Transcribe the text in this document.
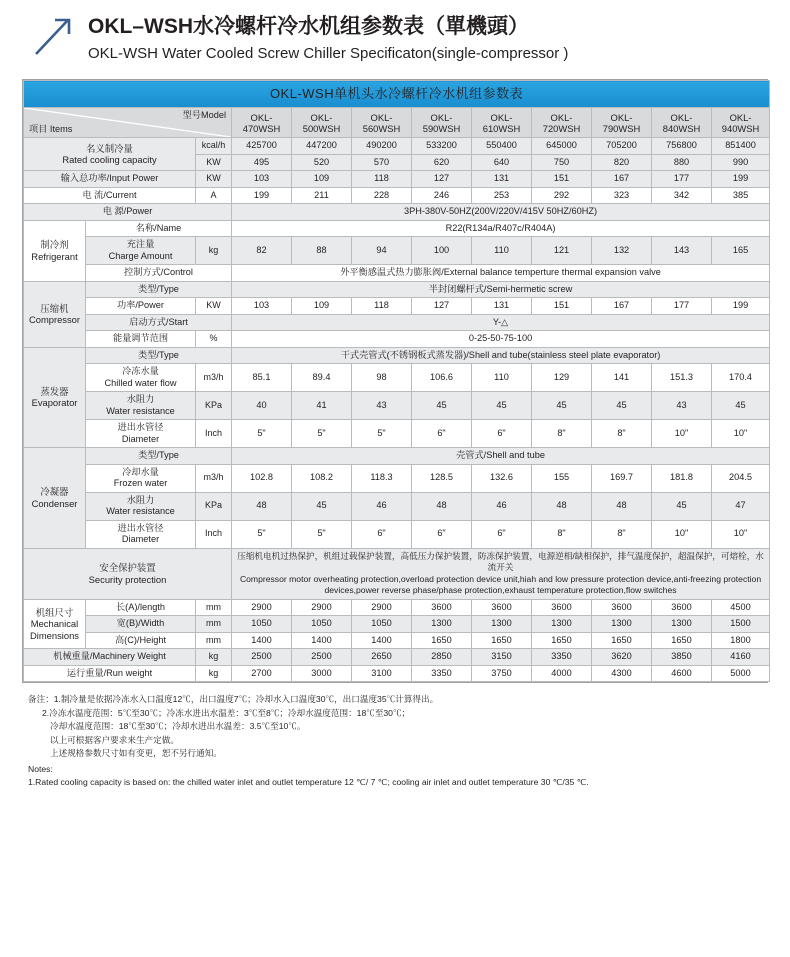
OKL–WSH水冷螺杆冷水机组参数表（單機頭）
OKL-WSH Water Cooled Screw Chiller Specificaton(single-compressor )
OKL-WSH单机头水冷螺杆冷水机组参数表											

项目 Items
型号Model			OKL-470WSH	OKL-500WSH	OKL-560WSH	OKL-590WSH	OKL-610WSH	OKL-720WSH	OKL-790WSH	OKL-840WSH	OKL-940WSH

名义制冷量
Rated cooling capacity		kcal/h	425700	447200	490200	533200	550400	645000	705200	756800	851400
		KW	495	520	570	620	640	750	820	880	990
输入总功率/Input Power		KW	103	109	118	127	131	151	167	177	199
电 流/Current		A	199	211	228	246	253	292	323	342	385
电 源/Power			3PH-380V-50HZ(200V/220V/415V 50HZ/60HZ)								

制冷剂
Refrigerant	名称/Name		R22(R134a/R407c/R404A)								

	充注量
Charge Amount	kg	82	88	94	100	110	121	132	143	165
	控制方式/Control		外平衡感温式热力膨胀阀/External balance temperture thermal expansion valve								

压缩机
Compressor	类型/Type		半封闭螺杆式/Semi-hermetic screw								
	功率/Power	KW	103	109	118	127	131	151	167	177	199
	启动方式/Start		Y-△								
	能量调节范围	%	0-25-50-75-100								

蒸发器
Evaporator	类型/Type		干式壳管式(不锈钢板式蒸发器)/Shell and tube(stainless steel plate evaporator)								

	冷冻水量
Chilled water flow	m3/h	85.1	89.4	98	106.6	110	129	141	151.3	170.4

	水阻力
Water resistance	KPa	40	41	43	45	45	45	45	43	45

	进出水管径
Diameter	Inch	5"	5"	5"	6"	6"	8"	8"	10"	10"

冷凝器
Condenser	类型/Type		壳管式/Shell and tube								

	冷却水量
Frozen water	m3/h	102.8	108.2	118.3	128.5	132.6	155	169.7	181.8	204.5

	水阻力
Water resistance	KPa	48	45	46	48	46	48	48	45	47

	进出水管径
Diameter	Inch	5"	5"	6"	6"	6"	8"	8"	10"	10"

安全保护装置
Security protection

压缩机电机过热保护，机组过载保护装置，高低压力保护装置，防冻保护装置，电源逆相/缺相保护，排气温度保护，超温保护，可熔栓，水流开关
Compressor motor overheating protection,overload protection device unit,hiah and low pressure protection device,anti-freezing protection devices,power reverse phase/phase protection,exhaust temperature protection,flow switches

机组尺寸
Mechanical
Dimensions	长(A)/length	mm	2900	2900	2900	3600	3600	3600	3600	3600	4500
	宽(B)/Width	mm	1050	1050	1050	1300	1300	1300	1300	1300	1500
	高(C)/Height	mm	1400	1400	1400	1650	1650	1650	1650	1650	1800
机械重量/Machinery Weight		kg	2500	2500	2650	2850	3150	3350	3620	3850	4160
运行重量/Run weight		kg	2700	3000	3100	3350	3750	4000	4300	4600	5000
备注：1.制冷量是依据冷冻水入口温度12℃，出口温度7℃；冷却水入口温度30℃，出口温度35℃计算得出。
2.冷冻水温度范围：5℃至30℃；冷冻水进出水温差：3℃至8℃；冷却水温度范围：18℃至30℃；
冷却水温度范围：18℃至30℃；冷却水进出水温差：3.5℃至10℃。
以上可根据客户要求来生产定做。
上述规格参数尺寸如有变更，恕不另行通知。
Notes:
1.Rated cooling capacity is based on: the chilled water inlet and outlet temperature 12 ℃/ 7 ℃; cooling air inlet and outlet temperature 30 ℃/35 ℃.
